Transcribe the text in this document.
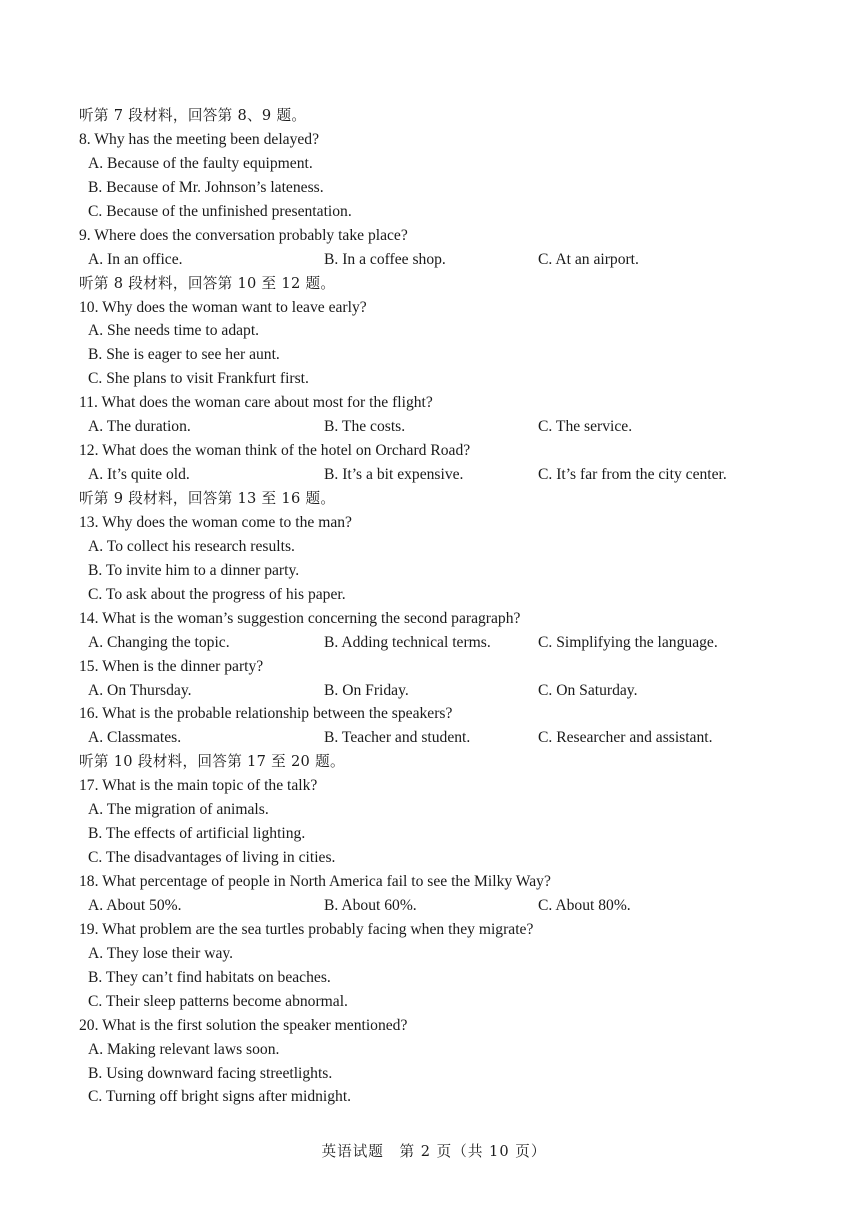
听第 7 段材料，回答第 8、9 题。
8. Why has the meeting been delayed?
A. Because of the faulty equipment.
B. Because of Mr. Johnson’s lateness.
C. Because of the unfinished presentation.
9. Where does the conversation probably take place?
A. In an office.	B. In a coffee shop.	C. At an airport.
听第 8 段材料，回答第 10 至 12 题。
10. Why does the woman want to leave early?
A. She needs time to adapt.
B. She is eager to see her aunt.
C. She plans to visit Frankfurt first.
11. What does the woman care about most for the flight?
A. The duration.	B. The costs.	C. The service.
12. What does the woman think of the hotel on Orchard Road?
A. It’s quite old.	B. It’s a bit expensive.	C. It’s far from the city center.
听第 9 段材料，回答第 13 至 16 题。
13. Why does the woman come to the man?
A. To collect his research results.
B. To invite him to a dinner party.
C. To ask about the progress of his paper.
14. What is the woman’s suggestion concerning the second paragraph?
A. Changing the topic.	B. Adding technical terms.	C. Simplifying the language.
15. When is the dinner party?
A. On Thursday.	B. On Friday.	C. On Saturday.
16. What is the probable relationship between the speakers?
A. Classmates.	B. Teacher and student.	C. Researcher and assistant.
听第 10 段材料，回答第 17 至 20 题。
17. What is the main topic of the talk?
A. The migration of animals.
B. The effects of artificial lighting.
C. The disadvantages of living in cities.
18. What percentage of people in North America fail to see the Milky Way?
A. About 50%.	B. About 60%.	C. About 80%.
19. What problem are the sea turtles probably facing when they migrate?
A. They lose their way.
B. They can’t find habitats on beaches.
C. Their sleep patterns become abnormal.
20. What is the first solution the speaker mentioned?
A. Making relevant laws soon.
B. Using downward facing streetlights.
C. Turning off bright signs after midnight.
英语试题　第 2 页（共 10 页）
